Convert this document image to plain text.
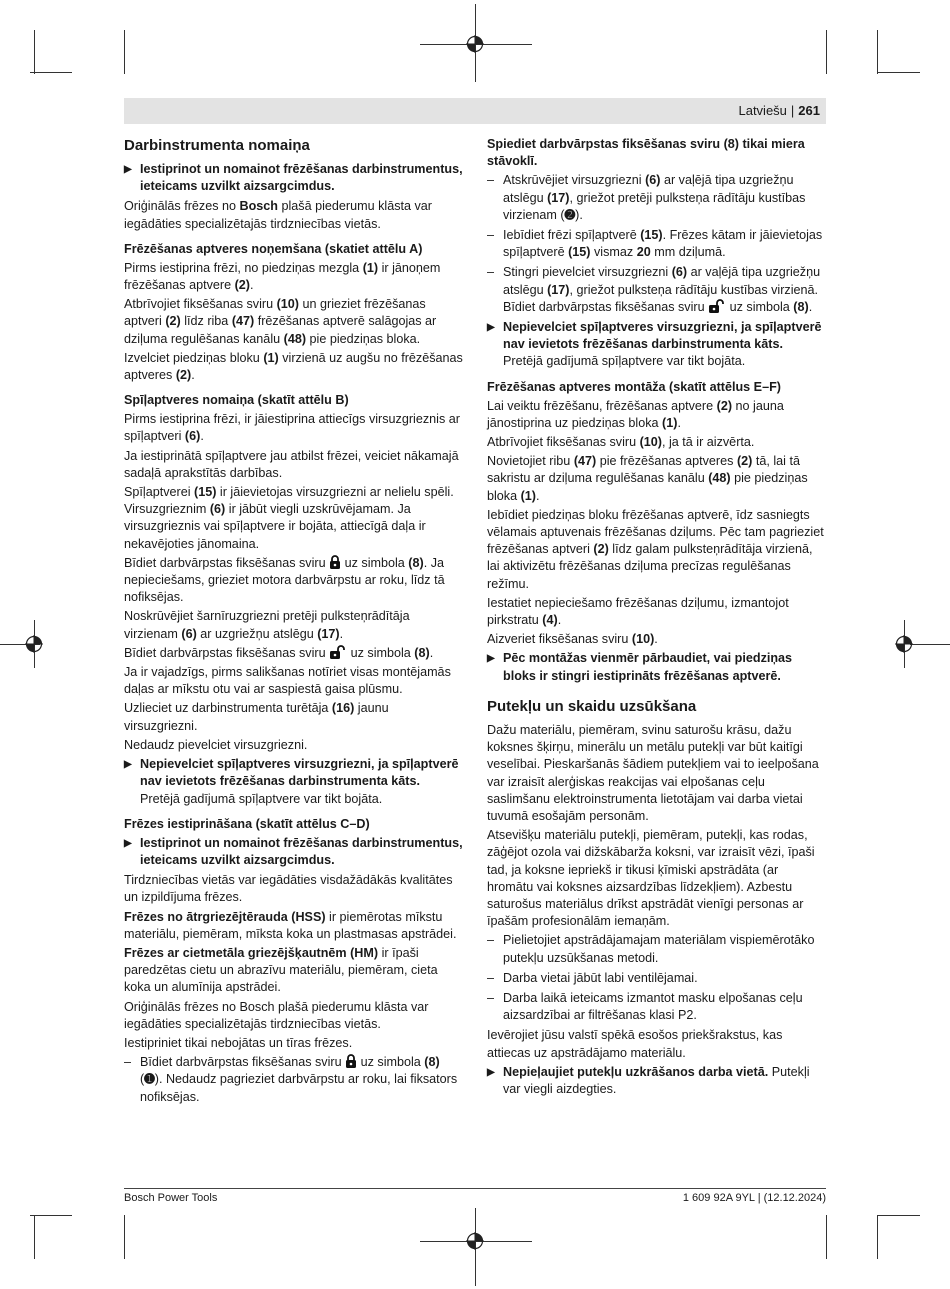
Latviešu | 261
Darbinstrumenta nomaiņa
▶ Iestiprinot un nomainot frēzēšanas darbinstrumentus, ieteicams uzvilkt aizsargcimdus.

Oriģinālās frēzes no Bosch plašā piederumu klāsta var iegādāties specializētajās tirdzniecības vietās.

Frēzēšanas aptveres noņemšana (skatiet attēlu A)

Pirms iestiprina frēzi, no piedziņas mezgla (1) ir jānoņem frēzēšanas aptvere (2).

Atbrīvojiet fiksēšanas sviru (10) un grieziet frēzēšanas aptveri (2) līdz riba (47) frēzēšanas aptverē salāgojas ar dziļuma regulēšanas kanālu (48) pie piedziņas bloka.

Izvelciet piedziņas bloku (1) virzienā uz augšu no frēzēšanas aptveres (2).

Spīļaptveres nomaiņa (skatīt attēlu B)

Pirms iestiprina frēzi, ir jāiestiprina attiecīgs virsuzgrieznis ar spīļaptveri (6).

Ja iestiprinātā spīļaptvere jau atbilst frēzei, veiciet nākamajā sadaļā aprakstītās darbības.

Spīļaptverei (15) ir jāievietojas virsuzgriezni ar nelielu spēli. Virsuzgrieznim (6) ir jābūt viegli uzskrūvējamam. Ja virsuzgrieznis vai spīļaptvere ir bojāta, attiecīgā daļa ir nekavējoties jānomaina.

Bīdiet darbvārpstas fiksēšanas sviru  uz simbola (8). Ja nepieciešams, grieziet motora darbvārpstu ar roku, līdz tā nofiksējas.

Noskrūvējiet šarnīruzgriezni pretēji pulksteņrādītāja virzienam (6) ar uzgriežņu atslēgu (17).

Bīdiet darbvārpstas fiksēšanas sviru  uz simbola (8).

Ja ir vajadzīgs, pirms salikšanas notīriet visas montējamās daļas ar mīkstu otu vai ar saspiestā gaisa plūsmu.

Uzlieciet uz darbinstrumenta turētāja (16) jaunu virsuzgriezni.

Nedaudz pievelciet virsuzgriezni.

▶ Nepievelciet spīļaptveres virsuzgriezni, ja spīļaptverē nav ievietots frēzēšanas darbinstrumenta kāts.
Pretējā gadījumā spīļaptvere var tikt bojāta.
Frēzes iestiprināšana (skatīt attēlus C–D)
▶ Iestiprinot un nomainot frēzēšanas darbinstrumentus, ieteicams uzvilkt aizsargcimdus.

Tirdzniecības vietās var iegādāties visdažādākās kvalitātes un izpildījuma frēzes.

Frēzes no ātrgriezējtērauda (HSS) ir piemērotas mīkstu materiālu, piemēram, mīksta koka un plastmasas apstrādei.

Frēzes ar cietmetāla griezējšķautnēm (HM) ir īpaši paredzētas cietu un abrazīvu materiālu, piemēram, cieta koka un alumīnija apstrādei.

Oriģinālās frēzes no Bosch plašā piederumu klāsta var iegādāties specializētajās tirdzniecības vietās.

Iestipriniet tikai nebojātas un tīras frēzes.

– Bīdiet darbvārpstas fiksēšanas sviru  uz simbola (8) (➊). Nedaudz pagrieziet darbvārpstu ar roku, lai fiksators nofiksējas.

Spiediet darbvārpstas fiksēšanas sviru (8) tikai miera stāvoklī.

– Atskrūvējiet virsuzgriezni (6) ar vaļējā tipa uzgriežņu atslēgu (17), griežot pretēji pulksteņa rādītāju kustības virzienam (➋).
– Iebīdiet frēzi spīļaptverē (15). Frēzes kātam ir jāievietojas spīļaptverē (15) vismaz 20 mm dziļumā.
– Stingri pievelciet virsuzgriezni (6) ar vaļējā tipa uzgriežņu atslēgu (17), griežot pulksteņa rādītāju kustības virzienā. Bīdiet darbvārpstas fiksēšanas sviru  uz simbola (8).
▶ Nepievelciet spīļaptveres virsuzgriezni, ja spīļaptverē nav ievietots frēzēšanas darbinstrumenta kāts.
Pretējā gadījumā spīļaptvere var tikt bojāta.
Frēzēšanas aptveres montāža (skatīt attēlus E–F)

Lai veiktu frēzēšanu, frēzēšanas aptvere (2) no jauna jānostiprina uz piedziņas bloka (1).

Atbrīvojiet fiksēšanas sviru (10), ja tā ir aizvērta.

Novietojiet ribu (47) pie frēzēšanas aptveres (2) tā, lai tā sakristu ar dziļuma regulēšanas kanālu (48) pie piedziņas bloka (1).

Iebīdiet piedziņas bloku frēzēšanas aptverē, īdz sasniegts vēlamais aptuvenais frēzēšanas dziļums. Pēc tam pagrieziet frēzēšanas aptveri (2) līdz galam pulksteņrādītāja virzienā, lai aktivizētu frēzēšanas dziļuma precīzas regulēšanas režīmu.

Iestatiet nepieciešamo frēzēšanas dziļumu, izmantojot pirkstratu (4).

Aizveriet fiksēšanas sviru (10).

▶ Pēc montāžas vienmēr pārbaudiet, vai piedziņas bloks ir stingri iestiprināts frēzēšanas aptverē.
Putekļu un skaidu uzsūkšana

Dažu materiālu, piemēram, svinu saturošu krāsu, dažu koksnes šķirņu, minerālu un metālu putekļi var būt kaitīgi veselībai. Pieskaršanās šādiem putekļiem vai to ieelpošana var izraisīt alerģiskas reakcijas vai elpošanas ceļu saslimšanu elektroinstrumenta lietotājam vai darba vietai tuvumā esošajām personām.

Atsevišķu materiālu putekļi, piemēram, putekļi, kas rodas, zāģējot ozola vai dižskābarža koksni, var izraisīt vēzi, īpaši tad, ja koksne iepriekš ir tikusi ķīmiski apstrādāta (ar hromātu vai koksnes aizsardzības līdzekļiem). Azbestu saturošus materiālus drīkst apstrādāt vienīgi personas ar īpašām profesionālām iemaņām.

– Pielietojiet apstrādājamajam materiālam vispiemērotāko putekļu uzsūkšanas metodi.
– Darba vietai jābūt labi ventilējamai.
– Darba laikā ieteicams izmantot masku elpošanas ceļu aizsardzībai ar filtrēšanas klasi P2.

Ievērojiet jūsu valstī spēkā esošos priekšrakstus, kas attiecas uz apstrādājamo materiālu.

▶ Nepieļaujiet putekļu uzkrāšanos darba vietā. Putekļi var viegli aizdegties.
Bosch Power Tools	1 609 92A 9YL | (12.12.2024)
